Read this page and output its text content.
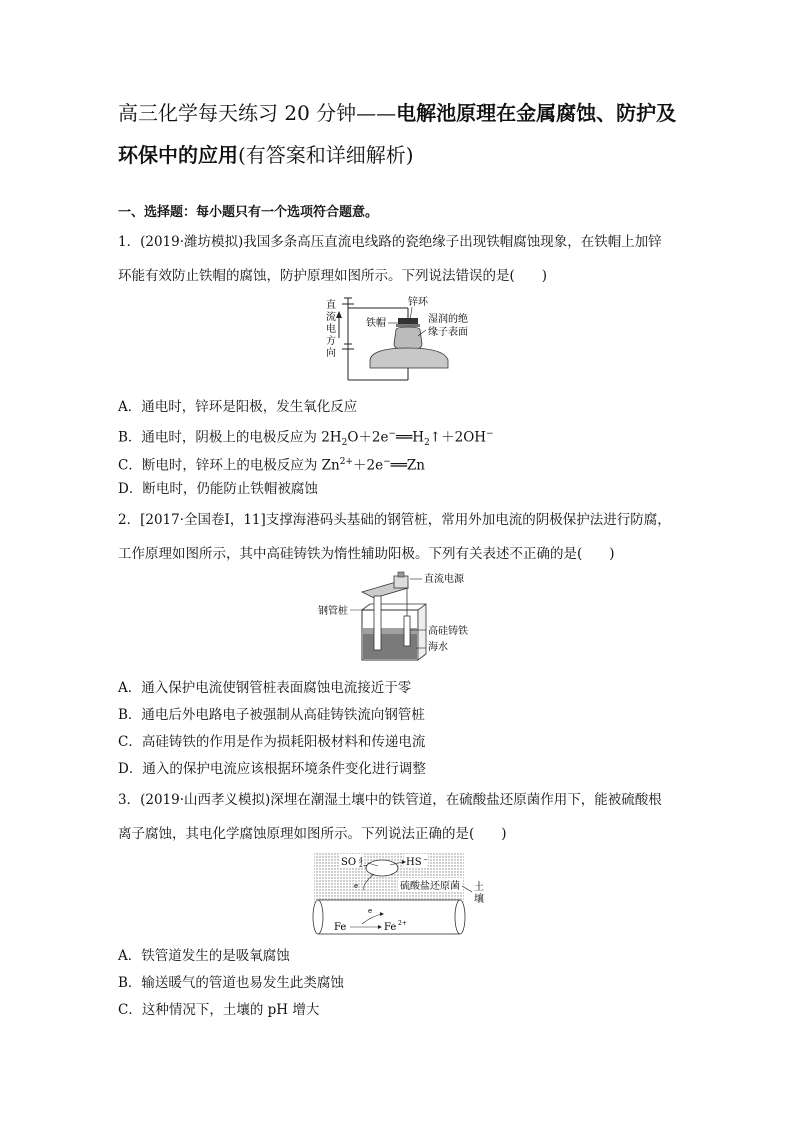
高三化学每天练习 20 分钟——电解池原理在金属腐蚀、防护及
环保中的应用(有答案和详细解析)
一、选择题：每小题只有一个选项符合题意。
1．(2019·潍坊模拟)我国多条高压直流电线路的瓷绝缘子出现铁帽腐蚀现象，在铁帽上加锌
环能有效防止铁帽的腐蚀，防护原理如图所示。下列说法错误的是(　　)
直
流
电
方
向
锌环
铁帽	湿润的绝
缘子表面
A．通电时，锌环是阳极，发生氧化反应
B．通电时，阴极上的电极反应为 $2H_2O+2e^-══H_2↑+2OH^-$
C．断电时，锌环上的电极反应为 $Zn^{2+}+2e^-══Zn$
D．断电时，仍能防止铁帽被腐蚀
2．[2017·全国卷Ⅰ，11]支撑海港码头基础的钢管桩，常用外加电流的阴极保护法进行防腐，
工作原理如图所示，其中高硅铸铁为惰性辅助阳极。下列有关表述不正确的是(　　)
直流电源
钢管桩
高硅铸铁
海水
A．通入保护电流使钢管桩表面腐蚀电流接近于零
B．通电后外电路电子被强制从高硅铸铁流向钢管桩
C．高硅铸铁的作用是作为损耗阳极材料和传递电流
D．通入的保护电流应该根据环境条件变化进行调整
3．(2019·山西孝义模拟)深埋在潮湿土壤中的铁管道，在硫酸盐还原菌作用下，能被硫酸根
离子腐蚀，其电化学腐蚀原理如图所示。下列说法正确的是(　　)
SO 4
2−	HS −
e	硫酸盐还原菌 土
壤
Fe	Fe 2+
e
A．铁管道发生的是吸氧腐蚀
B．输送暖气的管道也易发生此类腐蚀
C．这种情况下，土壤的 pH 增大
